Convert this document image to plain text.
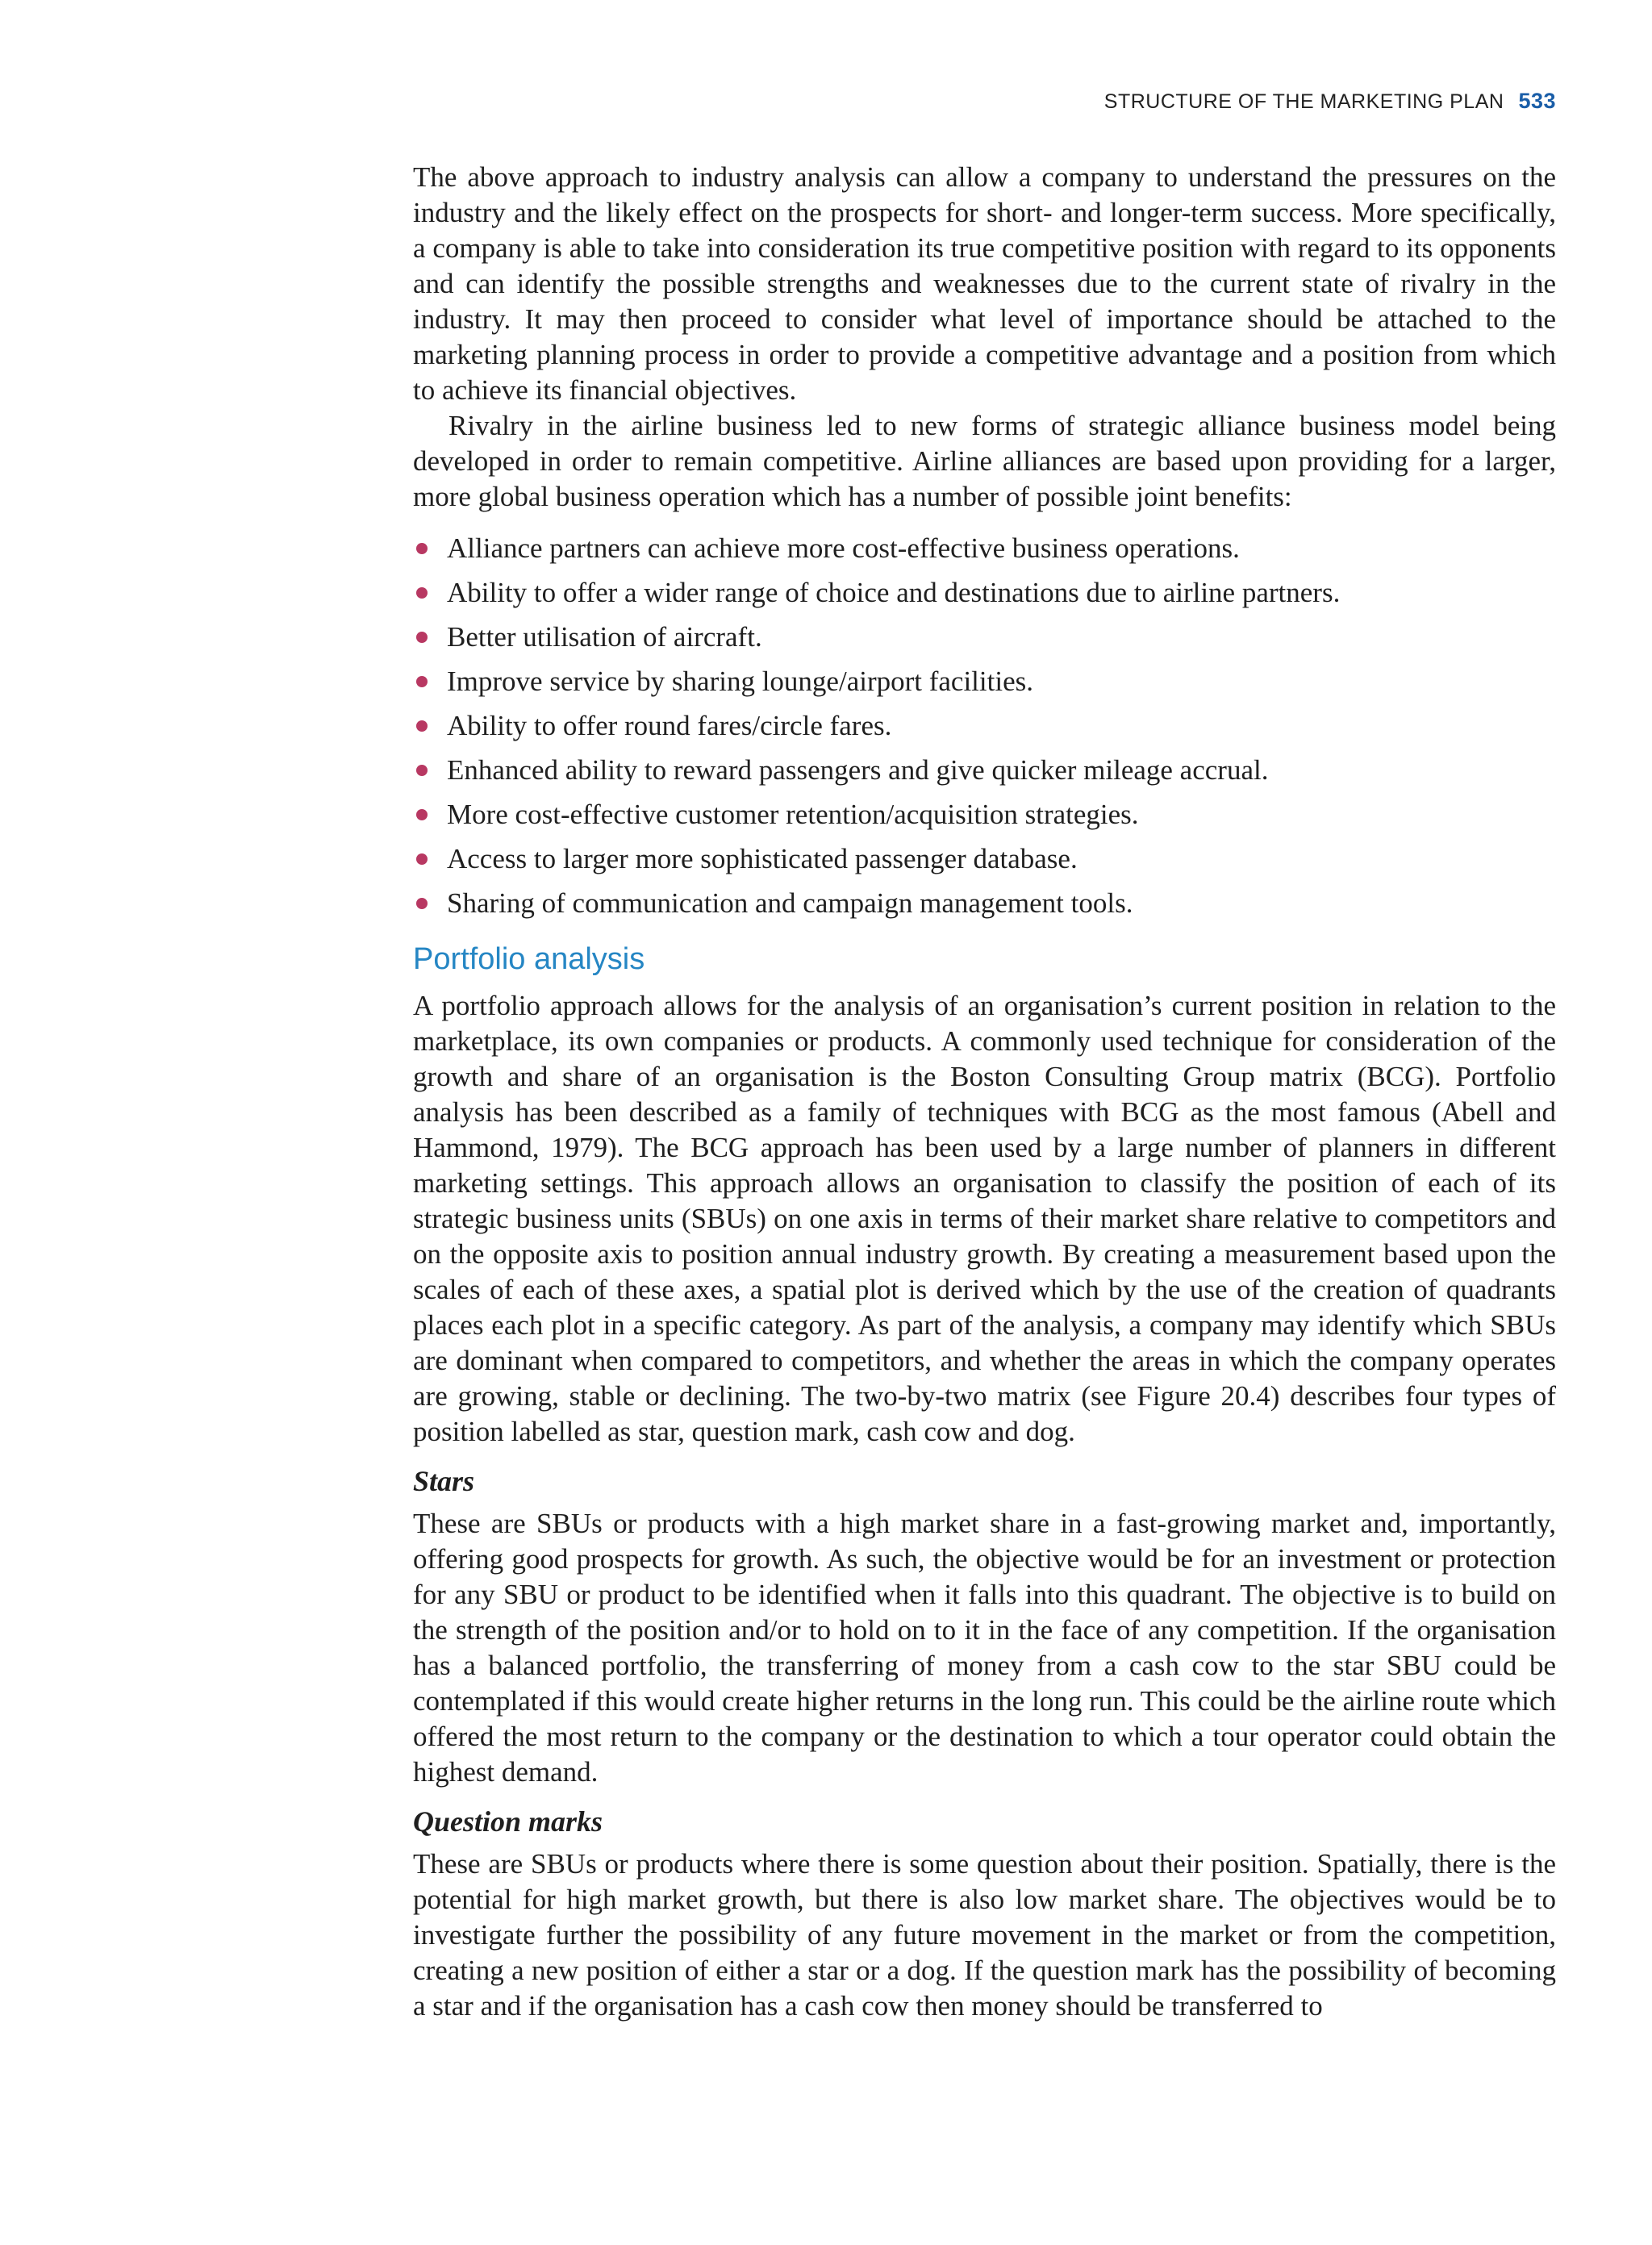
STRUCTURE OF THE MARKETING PLAN 533

The above approach to industry analysis can allow a company to understand the pressures on the industry and the likely effect on the prospects for short- and longer-term success. More specifically, a company is able to take into consideration its true competitive position with regard to its opponents and can identify the possible strengths and weaknesses due to the current state of rivalry in the industry. It may then proceed to consider what level of importance should be attached to the marketing planning process in order to provide a competitive advantage and a position from which to achieve its financial objectives.

Rivalry in the airline business led to new forms of strategic alliance business model being developed in order to remain competitive. Airline alliances are based upon providing for a larger, more global business operation which has a number of possible joint benefits:

Alliance partners can achieve more cost-effective business operations.
Ability to offer a wider range of choice and destinations due to airline partners.
Better utilisation of aircraft.
Improve service by sharing lounge/airport facilities.
Ability to offer round fares/circle fares.
Enhanced ability to reward passengers and give quicker mileage accrual.
More cost-effective customer retention/acquisition strategies.
Access to larger more sophisticated passenger database.
Sharing of communication and campaign management tools.
Portfolio analysis

A portfolio approach allows for the analysis of an organisation’s current position in relation to the marketplace, its own companies or products. A commonly used technique for consideration of the growth and share of an organisation is the Boston Consulting Group matrix (BCG). Portfolio analysis has been described as a family of techniques with BCG as the most famous (Abell and Hammond, 1979). The BCG approach has been used by a large number of planners in different marketing settings. This approach allows an organisation to classify the position of each of its strategic business units (SBUs) on one axis in terms of their market share relative to competitors and on the opposite axis to position annual industry growth. By creating a measurement based upon the scales of each of these axes, a spatial plot is derived which by the use of the creation of quadrants places each plot in a specific category. As part of the analysis, a company may identify which SBUs are dominant when compared to competitors, and whether the areas in which the company operates are growing, stable or declining. The two-by-two matrix (see Figure 20.4) describes four types of position labelled as star, question mark, cash cow and dog.

Stars

These are SBUs or products with a high market share in a fast-growing market and, importantly, offering good prospects for growth. As such, the objective would be for an investment or protection for any SBU or product to be identified when it falls into this quadrant. The objective is to build on the strength of the position and/or to hold on to it in the face of any competition. If the organisation has a balanced portfolio, the transferring of money from a cash cow to the star SBU could be contemplated if this would create higher returns in the long run. This could be the airline route which offered the most return to the company or the destination to which a tour operator could obtain the highest demand.

Question marks

These are SBUs or products where there is some question about their position. Spatially, there is the potential for high market growth, but there is also low market share. The objectives would be to investigate further the possibility of any future movement in the market or from the competition, creating a new position of either a star or a dog. If the question mark has the possibility of becoming a star and if the organisation has a cash cow then money should be transferred to
